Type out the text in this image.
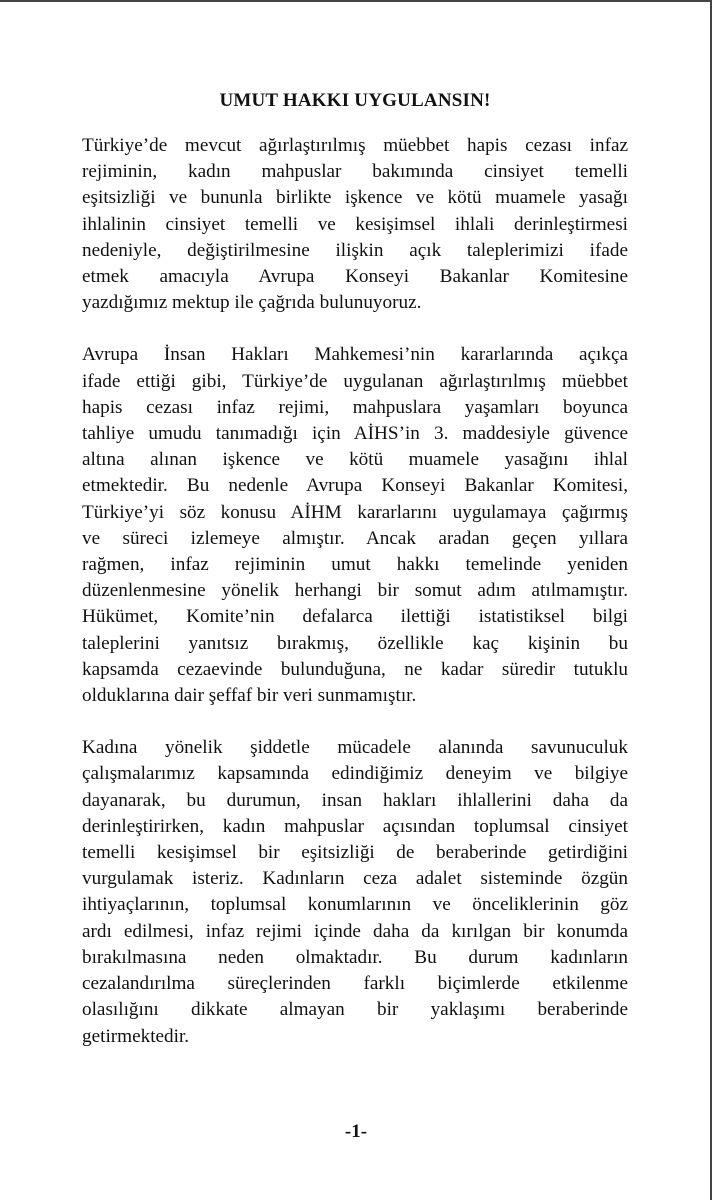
UMUT HAKKI UYGULANSIN!
Türkiye’de mevcut ağırlaştırılmış müebbet hapis cezası infaz
rejiminin, kadın mahpuslar bakımında cinsiyet temelli
eşitsizliği ve bununla birlikte işkence ve kötü muamele yasağı
ihlalinin cinsiyet temelli ve kesişimsel ihlali derinleştirmesi
nedeniyle, değiştirilmesine ilişkin açık taleplerimizi ifade
etmek amacıyla Avrupa Konseyi Bakanlar Komitesine
yazdığımız mektup ile çağrıda bulunuyoruz.
Avrupa İnsan Hakları Mahkemesi’nin kararlarında açıkça
ifade ettiği gibi, Türkiye’de uygulanan ağırlaştırılmış müebbet
hapis cezası infaz rejimi, mahpuslara yaşamları boyunca
tahliye umudu tanımadığı için AİHS’in 3. maddesiyle güvence
altına alınan işkence ve kötü muamele yasağını ihlal
etmektedir. Bu nedenle Avrupa Konseyi Bakanlar Komitesi,
Türkiye’yi söz konusu AİHM kararlarını uygulamaya çağırmış
ve süreci izlemeye almıştır. Ancak aradan geçen yıllara
rağmen, infaz rejiminin umut hakkı temelinde yeniden
düzenlenmesine yönelik herhangi bir somut adım atılmamıştır.
Hükümet, Komite’nin defalarca ilettiği istatistiksel bilgi
taleplerini yanıtsız bırakmış, özellikle kaç kişinin bu
kapsamda cezaevinde bulunduğuna, ne kadar süredir tutuklu
olduklarına dair şeffaf bir veri sunmamıştır.
Kadına yönelik şiddetle mücadele alanında savunuculuk
çalışmalarımız kapsamında edindiğimiz deneyim ve bilgiye
dayanarak, bu durumun, insan hakları ihlallerini daha da
derinleştirirken, kadın mahpuslar açısından toplumsal cinsiyet
temelli kesişimsel bir eşitsizliği de beraberinde getirdiğini
vurgulamak isteriz. Kadınların ceza adalet sisteminde özgün
ihtiyaçlarının, toplumsal konumlarının ve önceliklerinin göz
ardı edilmesi, infaz rejimi içinde daha da kırılgan bir konumda
bırakılmasına neden olmaktadır. Bu durum kadınların
cezalandırılma süreçlerinden farklı biçimlerde etkilenme
olasılığını dikkate almayan bir yaklaşımı beraberinde
getirmektedir.
-1-
